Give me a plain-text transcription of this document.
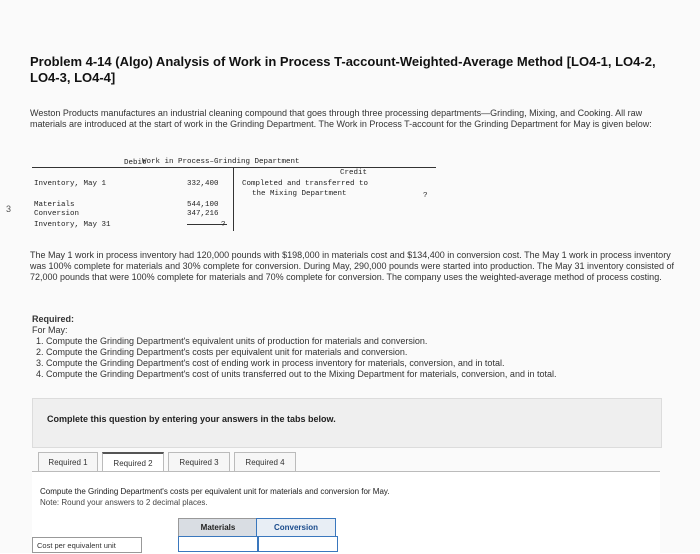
3
Problem 4-14 (Algo) Analysis of Work in Process T-account-Weighted-Average Method [LO4-1, LO4-2, LO4-3, LO4-4]

Weston Products manufactures an industrial cleaning compound that goes through three processing departments—Grinding, Mixing, and Cooking. All raw materials are introduced at the start of work in the Grinding Department. The Work in Process T-account for the Grinding Department for May is given below:

Work in Process–Grinding Department
Debit
Credit
Inventory, May 1	332,400	Completed and transferred to
the Mixing Department	?
Materials	544,100
Conversion	347,216
Inventory, May 31	?

The May 1 work in process inventory had 120,000 pounds with $198,000 in materials cost and $134,400 in conversion cost. The May 1 work in process inventory was 100% complete for materials and 30% complete for conversion. During May, 290,000 pounds were started into production. The May 31 inventory consisted of 72,000 pounds that were 100% complete for materials and 70% complete for conversion. The company uses the weighted-average method of process costing.

Required:
For May:
1. Compute the Grinding Department's equivalent units of production for materials and conversion.
2. Compute the Grinding Department's costs per equivalent unit for materials and conversion.
3. Compute the Grinding Department's cost of ending work in process inventory for materials, conversion, and in total.
4. Compute the Grinding Department's cost of units transferred out to the Mixing Department for materials, conversion, and in total.
Complete this question by entering your answers in the tabs below.
Required 1	Required 2	Required 3	Required 4
Compute the Grinding Department's costs per equivalent unit for materials and conversion for May.
Note: Round your answers to 2 decimal places.
Materials	Conversion
Cost per equivalent unit
